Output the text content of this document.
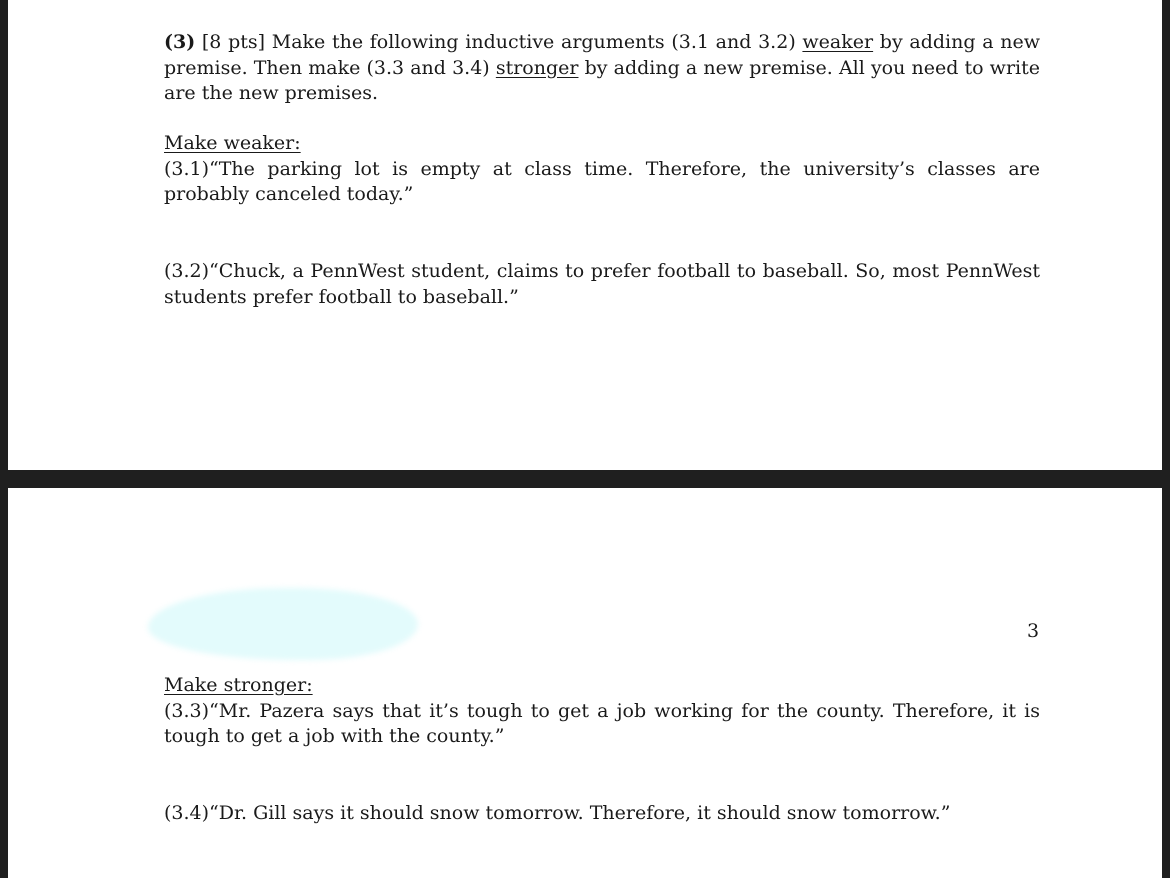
(3) [8 pts] Make the following inductive arguments (3.1 and 3.2) weaker by adding a new premise. Then make (3.3 and 3.4) stronger by adding a new premise. All you need to write are the new premises.
Make weaker:
(3.1)“The parking lot is empty at class time. Therefore, the university’s classes are probably canceled today.”
(3.2)“Chuck, a PennWest student, claims to prefer football to baseball. So, most PennWest students prefer football to baseball.”
3
Make stronger:
(3.3)“Mr. Pazera says that it’s tough to get a job working for the county. Therefore, it is tough to get a job with the county.”
(3.4)“Dr. Gill says it should snow tomorrow. Therefore, it should snow tomorrow.”
